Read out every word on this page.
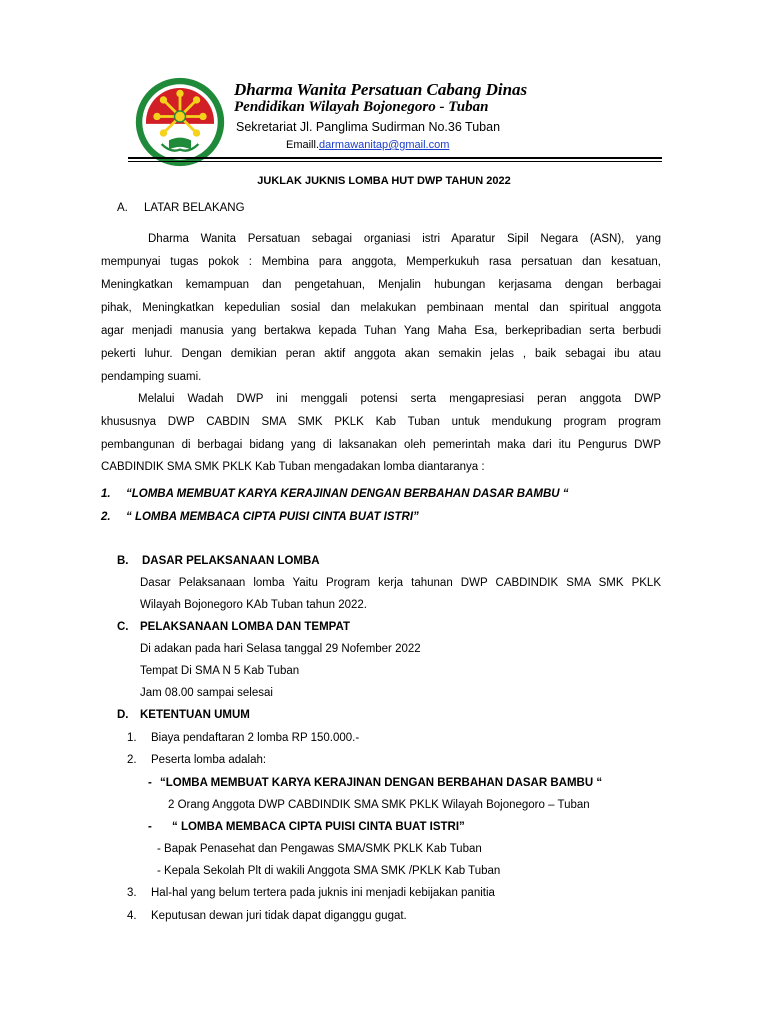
Dharma Wanita Persatuan Cabang Dinas
Pendidikan Wilayah Bojonegoro - Tuban
Sekretariat Jl. Panglima Sudirman No.36 Tuban
Emaill.darmawanitap@gmail.com
JUKLAK JUKNIS LOMBA HUT DWP TAHUN 2022
A. LATAR BELAKANG
Dharma Wanita Persatuan sebagai organiasi istri Aparatur Sipil Negara (ASN), yang
mempunyai tugas pokok : Membina para anggota, Memperkukuh rasa persatuan dan kesatuan,
Meningkatkan kemampuan dan pengetahuan, Menjalin hubungan kerjasama dengan berbagai
pihak, Meningkatkan kepedulian sosial dan melakukan pembinaan mental dan spiritual anggota
agar menjadi manusia yang bertakwa kepada Tuhan Yang Maha Esa, berkepribadian serta berbudi
pekerti luhur. Dengan demikian peran aktif anggota akan semakin jelas , baik sebagai ibu atau
pendamping suami.
Melalui Wadah DWP ini menggali potensi serta mengapresiasi peran anggota DWP
khususnya DWP CABDIN SMA SMK PKLK Kab Tuban untuk mendukung program program
pembangunan di berbagai bidang yang di laksanakan oleh pemerintah maka dari itu Pengurus DWP
CABDINDIK SMA SMK PKLK Kab Tuban mengadakan lomba diantaranya :
1. “LOMBA MEMBUAT KARYA KERAJINAN DENGAN BERBAHAN DASAR BAMBU “
2. “ LOMBA MEMBACA CIPTA PUISI CINTA BUAT ISTRI”
B. DASAR PELAKSANAAN LOMBA
Dasar Pelaksanaan lomba Yaitu Program kerja tahunan DWP CABDINDIK SMA SMK PKLK
Wilayah Bojonegoro KAb Tuban tahun 2022.
C. PELAKSANAAN LOMBA DAN TEMPAT
Di adakan pada hari Selasa tanggal 29 Nofember 2022
Tempat Di SMA N 5 Kab Tuban
Jam 08.00 sampai selesai
D. KETENTUAN UMUM
1. Biaya pendaftaran 2 lomba RP 150.000.-
2. Peserta lomba adalah:
- “LOMBA MEMBUAT KARYA KERAJINAN DENGAN BERBAHAN DASAR BAMBU “
2 Orang Anggota DWP CABDINDIK SMA SMK PKLK Wilayah Bojonegoro – Tuban
- “ LOMBA MEMBACA CIPTA PUISI CINTA BUAT ISTRI”
- Bapak Penasehat dan Pengawas SMA/SMK PKLK Kab Tuban
- Kepala Sekolah Plt di wakili Anggota SMA SMK /PKLK Kab Tuban
3. Hal-hal yang belum tertera pada juknis ini menjadi kebijakan panitia
4. Keputusan dewan juri tidak dapat diganggu gugat.
